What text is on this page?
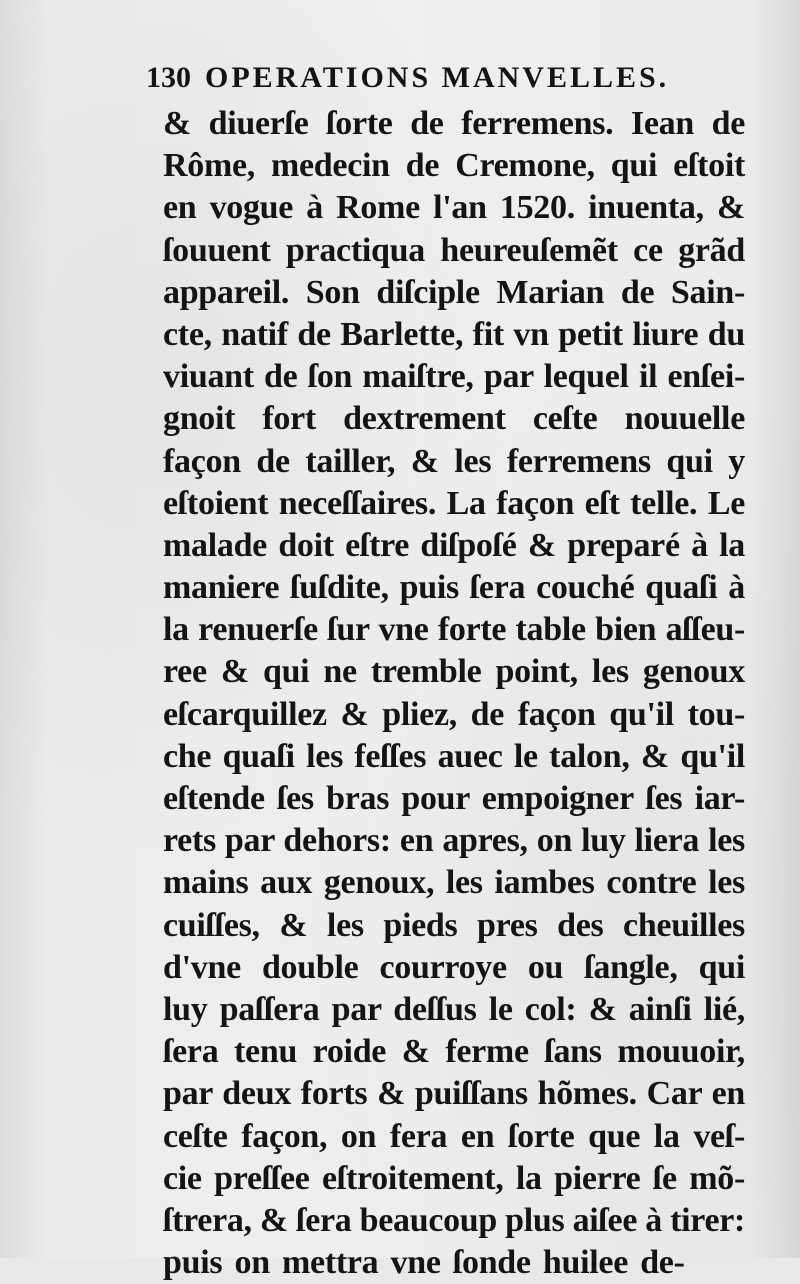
130 OPERATIONS MANVELLES.
& diuerſe ſorte de ferremens. Iean de
Rôme, medecin de Cremone, qui eſtoit
en vogue à Rome l'an 1520. inuenta, &
ſouuent practiqua heureuſemẽt ce grãd
appareil. Son diſciple Marian de Sain-
cte, natif de Barlette, fit vn petit liure du
viuant de ſon maiſtre, par lequel il enſei-
gnoit fort dextrement ceſte nouuelle
façon de tailler, & les ferremens qui y
eſtoient neceſſaires. La façon eſt telle. Le
malade doit eſtre diſpoſé & preparé à la
maniere ſuſdite, puis ſera couché quaſi à
la renuerſe ſur vne forte table bien aſſeu-
ree & qui ne tremble point, les genoux
eſcarquillez & pliez, de façon qu'il tou-
che quaſi les feſſes auec le talon, & qu'il
eſtende ſes bras pour empoigner ſes iar-
rets par dehors: en apres, on luy liera les
mains aux genoux, les iambes contre les
cuiſſes, & les pieds pres des cheuilles
d'vne double courroye ou ſangle, qui
luy paſſera par deſſus le col: & ainſi lié,
ſera tenu roide & ferme ſans mouuoir,
par deux forts & puiſſans hõmes. Car en
ceſte façon, on fera en ſorte que la veſ-
cie preſſee eſtroitement, la pierre ſe mõ-
ſtrera, & ſera beaucoup plus aiſee à tirer:
puis on mettra vne ſonde huilee de-
